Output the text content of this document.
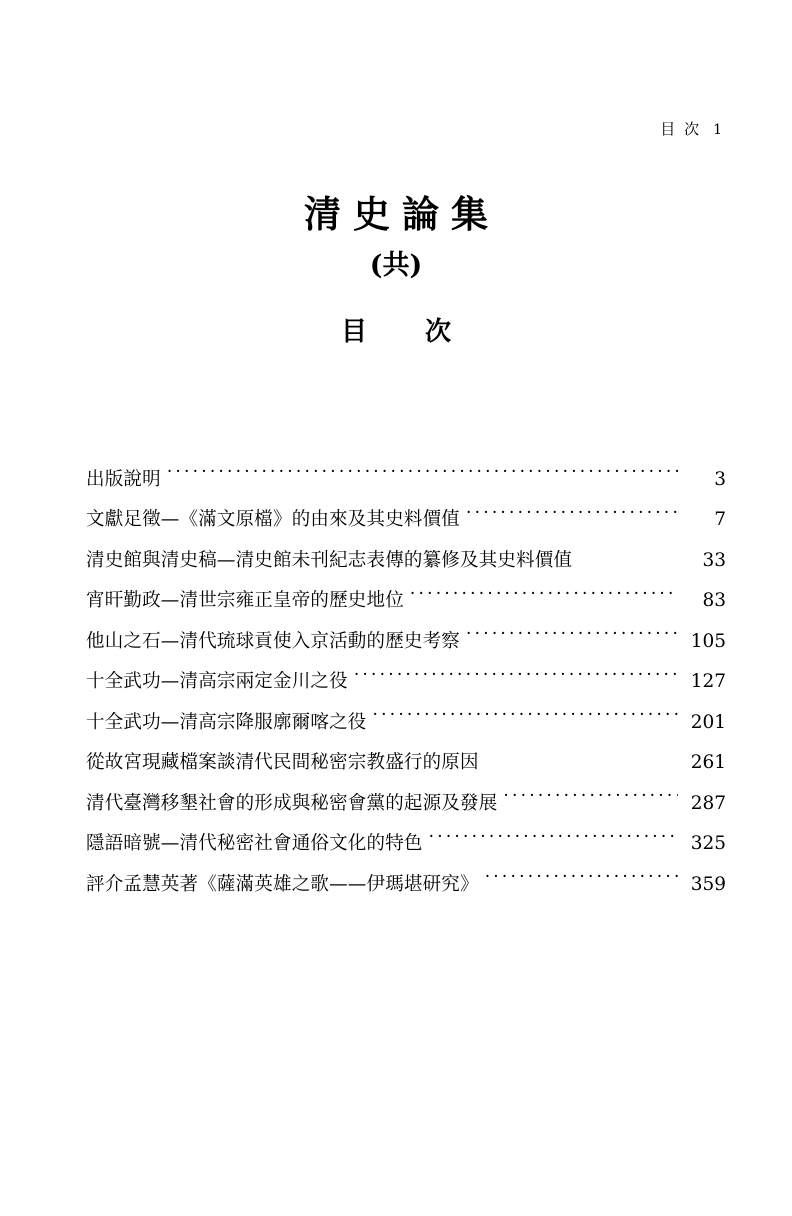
目 次 1
清史論集
(共)
目　次
出版說明 ·····	3
文獻足徵—《滿文原檔》的由來及其史料價值 ·····	7
清史館與清史稿—清史館未刊紀志表傳的纂修及其史料價值	33
宵旰勤政—清世宗雍正皇帝的歷史地位 ·····	83
他山之石—清代琉球貢使入京活動的歷史考察 ·····	105
十全武功—清高宗兩定金川之役 ·····	127
十全武功—清高宗降服廓爾喀之役 ·····	201
從故宮現藏檔案談清代民間秘密宗教盛行的原因	261
清代臺灣移墾社會的形成與秘密會黨的起源及發展 ·····	287
隱語暗號—清代秘密社會通俗文化的特色 ·····	325
評介孟慧英著《薩滿英雄之歌——伊瑪堪研究》 ·····	359
